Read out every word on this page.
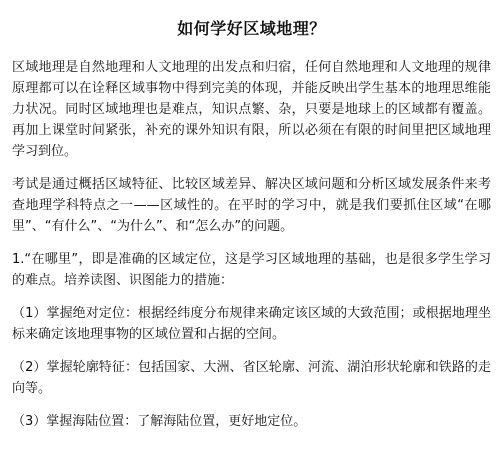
如何学好区域地理？

区域地理是自然地理和人文地理的出发点和归宿，任何自然地理和人文地理的规律原理都可以在诠释区域事物中得到完美的体现，并能反映出学生基本的地理思维能力状况。同时区域地理也是难点，知识点繁、杂，只要是地球上的区域都有覆盖。再加上课堂时间紧张，补充的课外知识有限，所以必须在有限的时间里把区域地理学习到位。

考试是通过概括区域特征、比较区域差异、解决区域问题和分析区域发展条件来考查地理学科特点之一——区域性的。在平时的学习中，就是我们要抓住区域“在哪里”、“有什么”、“为什么”、和“怎么办”的问题。

1.“在哪里”，即是准确的区域定位，这是学习区域地理的基础，也是很多学生学习的难点。培养读图、识图能力的措施：

（1）掌握绝对定位：根据经纬度分布规律来确定该区域的大致范围；或根据地理坐标来确定该地理事物的区域位置和占据的空间。

（2）掌握轮廓特征：包括国家、大洲、省区轮廓、河流、湖泊形状轮廓和铁路的走向等。

（3）掌握海陆位置：了解海陆位置，更好地定位。
